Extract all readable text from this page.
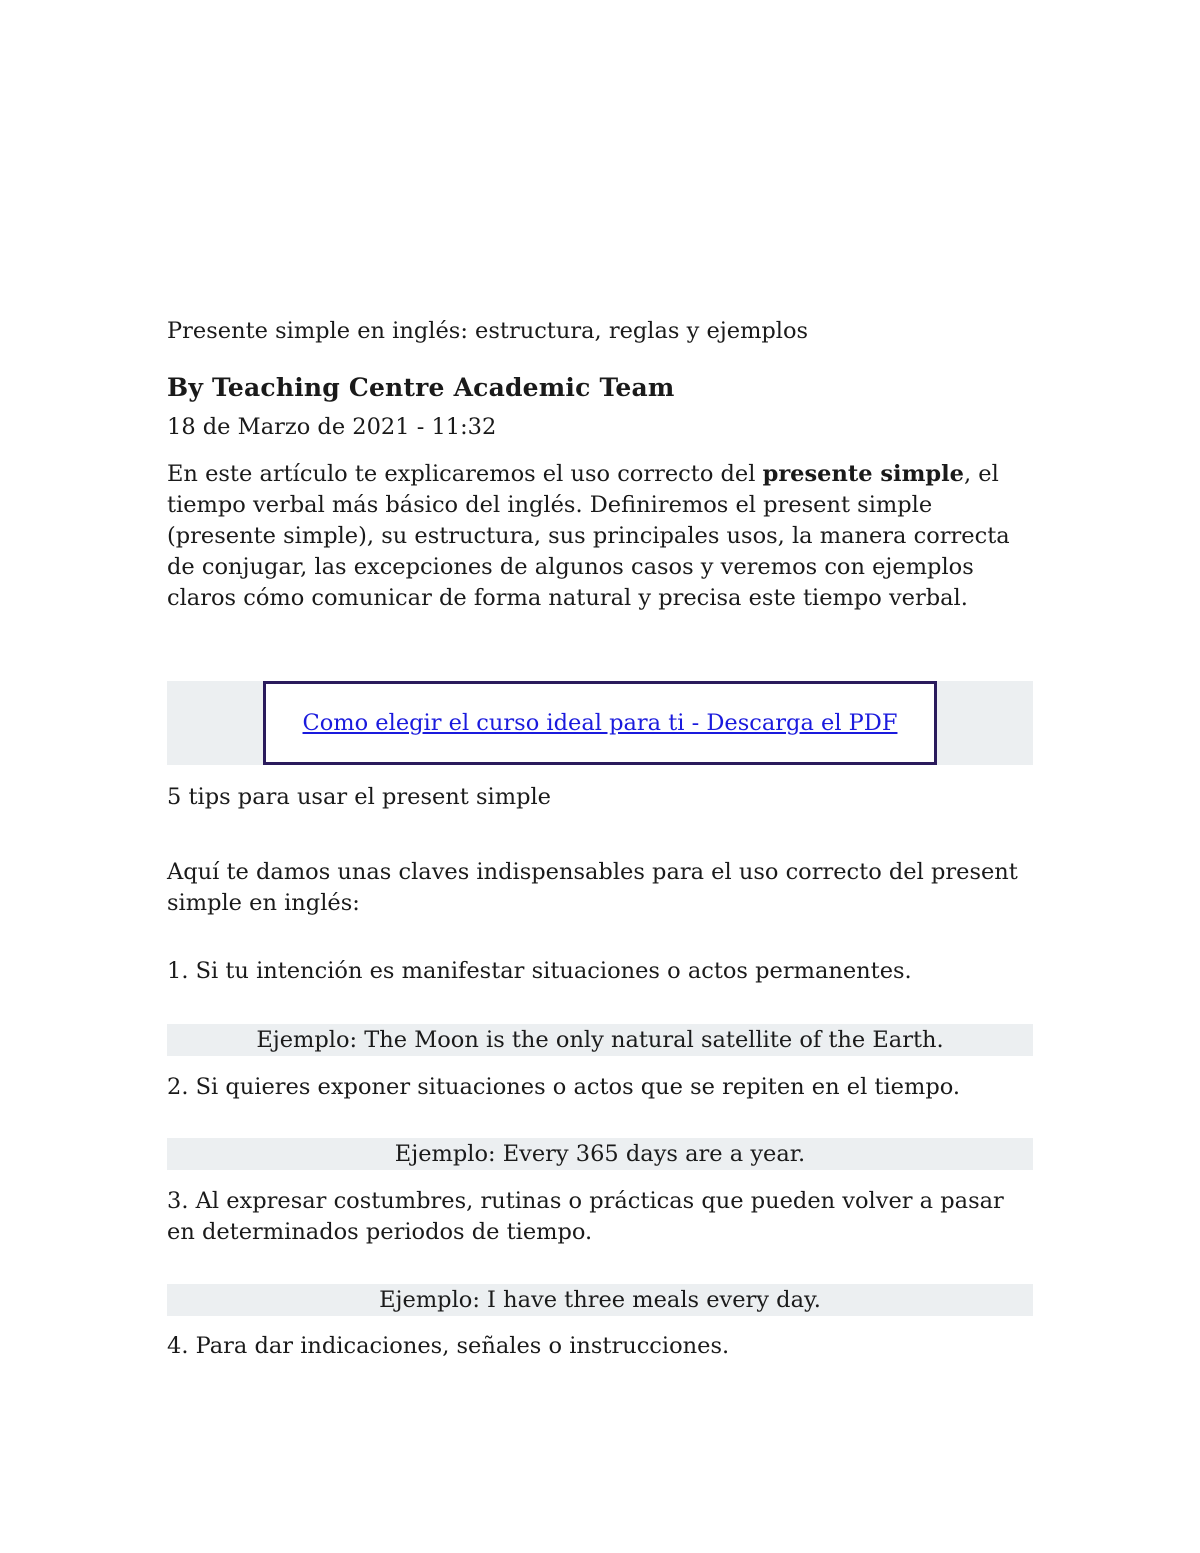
Presente simple en inglés: estructura, reglas y ejemplos
By Teaching Centre Academic Team
18 de Marzo de 2021 - 11:32
En este artículo te explicaremos el uso correcto del presente simple, el tiempo verbal más básico del inglés. Definiremos el present simple (presente simple), su estructura, sus principales usos, la manera correcta de conjugar, las excepciones de algunos casos y veremos con ejemplos claros cómo comunicar de forma natural y precisa este tiempo verbal.
Como elegir el curso ideal para ti - Descarga el PDF
5 tips para usar el present simple
Aquí te damos unas claves indispensables para el uso correcto del present simple en inglés:
1. Si tu intención es manifestar situaciones o actos permanentes.
Ejemplo: The Moon is the only natural satellite of the Earth.
2. Si quieres exponer situaciones o actos que se repiten en el tiempo.
Ejemplo: Every 365 days are a year.
3. Al expresar costumbres, rutinas o prácticas que pueden volver a pasar en determinados periodos de tiempo.
Ejemplo: I have three meals every day.
4. Para dar indicaciones, señales o instrucciones.
